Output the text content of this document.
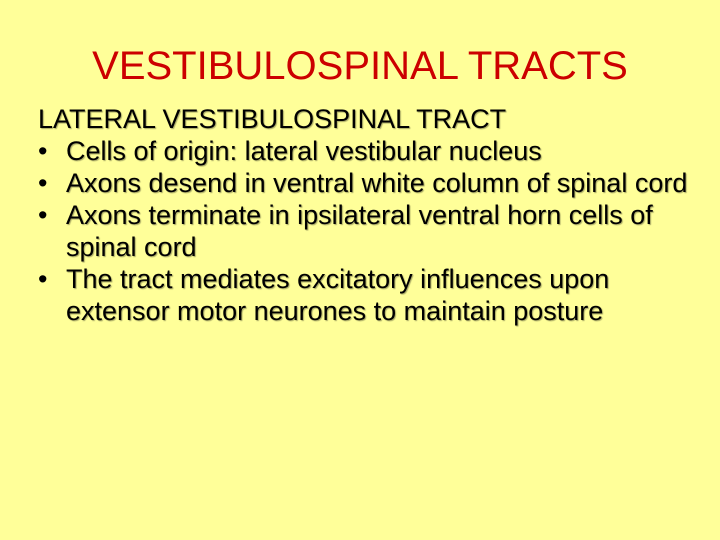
VESTIBULOSPINAL TRACTS
LATERAL VESTIBULOSPINAL TRACT
• Cells of origin: lateral vestibular nucleus
• Axons desend in ventral white column of spinal cord
• Axons terminate in ipsilateral ventral horn cells of spinal cord
• The tract mediates excitatory influences upon extensor motor neurones to maintain posture
